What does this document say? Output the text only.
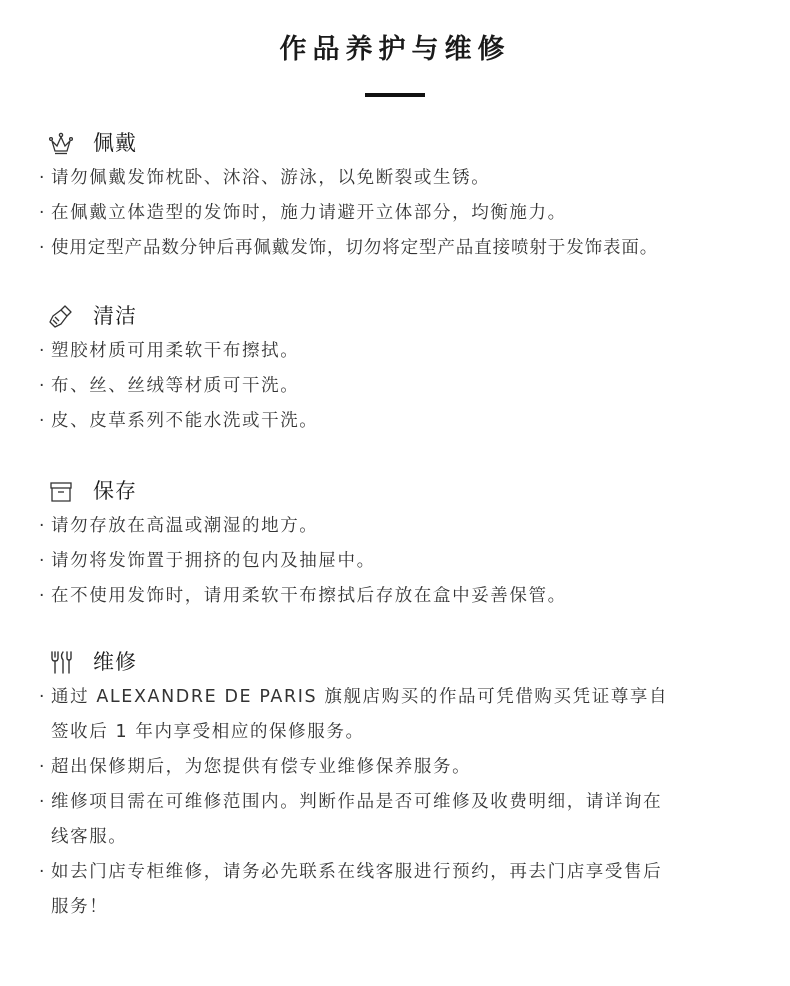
作品养护与维修
佩戴
· 请勿佩戴发饰枕卧、沐浴、游泳，以免断裂或生锈。
· 在佩戴立体造型的发饰时，施力请避开立体部分，均衡施力。
· 使用定型产品数分钟后再佩戴发饰，切勿将定型产品直接喷射于发饰表面。
清洁
· 塑胶材质可用柔软干布擦拭。
· 布、丝、丝绒等材质可干洗。
· 皮、皮草系列不能水洗或干洗。
保存
· 请勿存放在高温或潮湿的地方。
· 请勿将发饰置于拥挤的包内及抽屉中。
· 在不使用发饰时，请用柔软干布擦拭后存放在盒中妥善保管。
维修
· 通过 ALEXANDRE DE PARIS 旗舰店购买的作品可凭借购买凭证尊享自
签收后 1 年内享受相应的保修服务。
· 超出保修期后，为您提供有偿专业维修保养服务。
· 维修项目需在可维修范围内。判断作品是否可维修及收费明细，请详询在
线客服。
· 如去门店专柜维修，请务必先联系在线客服进行预约，再去门店享受售后
服务！
